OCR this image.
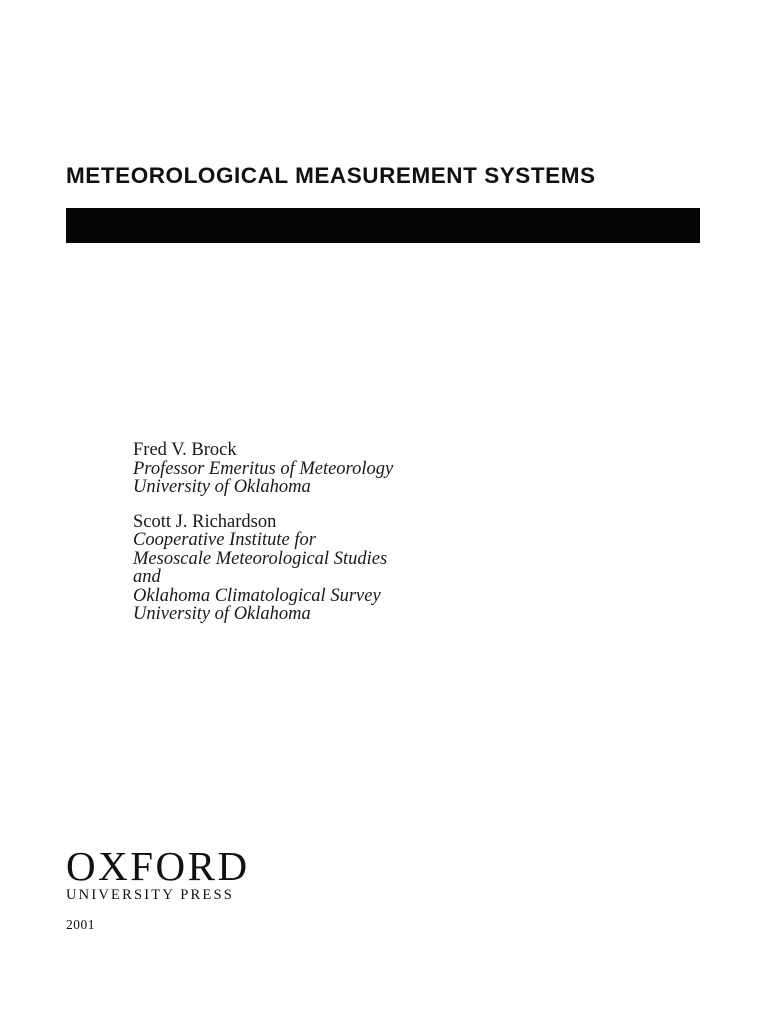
METEOROLOGICAL MEASUREMENT SYSTEMS
Fred V. Brock
Professor Emeritus of Meteorology
University of Oklahoma
Scott J. Richardson
Cooperative Institute for
Mesoscale Meteorological Studies
and
Oklahoma Climatological Survey
University of Oklahoma
OXFORD
UNIVERSITY PRESS
2001
